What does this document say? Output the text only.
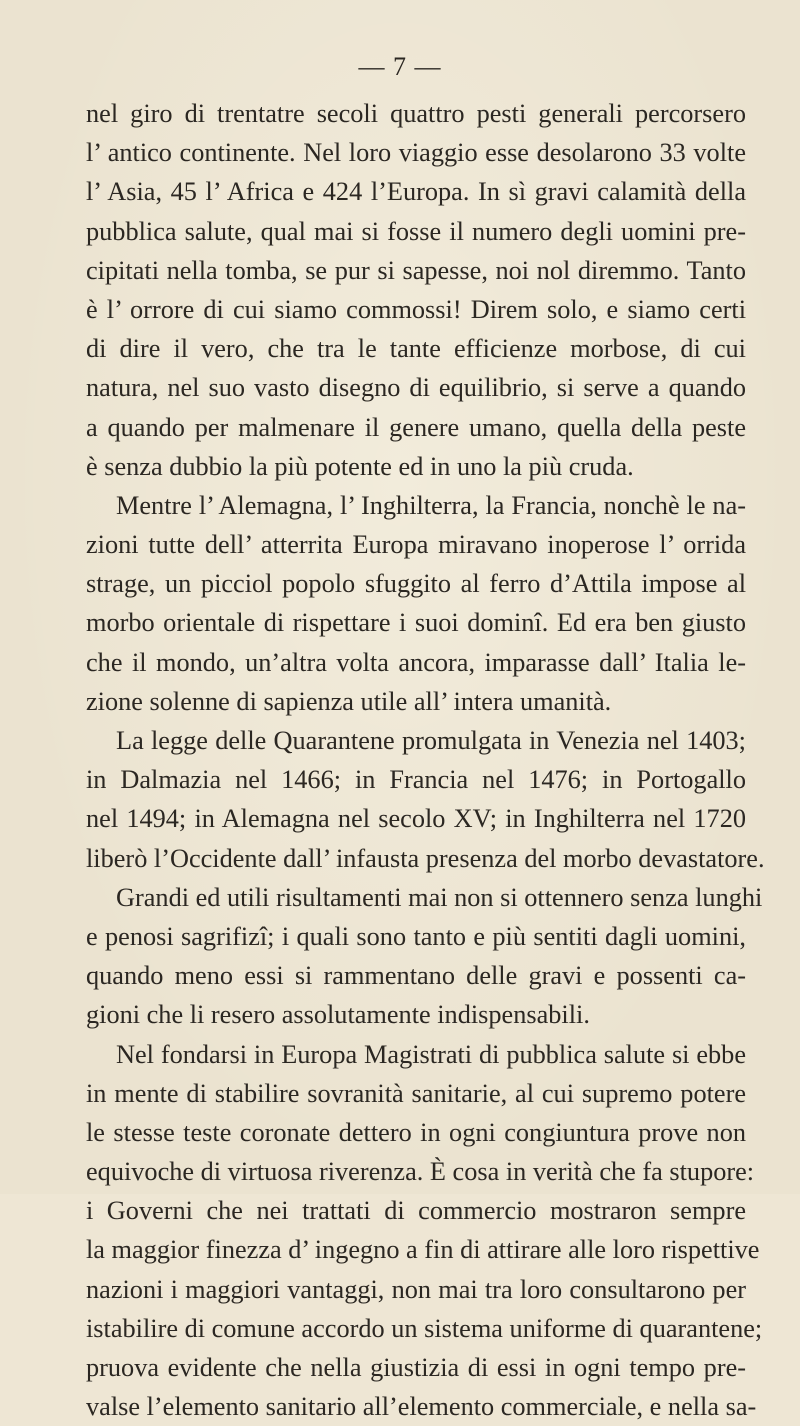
— 7 —
nel giro di trentatre secoli quattro pesti generali percorsero
l’ antico continente. Nel loro viaggio esse desolarono 33 volte
l’ Asia, 45 l’ Africa e 424 l’Europa. In sì gravi calamità della
pubblica salute, qual mai si fosse il numero degli uomini pre-
cipitati nella tomba, se pur si sapesse, noi nol diremmo. Tanto
è l’ orrore di cui siamo commossi! Direm solo, e siamo certi
di dire il vero, che tra le tante efficienze morbose, di cui
natura, nel suo vasto disegno di equilibrio, si serve a quando
a quando per malmenare il genere umano, quella della peste
è senza dubbio la più potente ed in uno la più cruda.
Mentre l’ Alemagna, l’ Inghilterra, la Francia, nonchè le na-
zioni tutte dell’ atterrita Europa miravano inoperose l’ orrida
strage, un picciol popolo sfuggito al ferro d’Attila impose al
morbo orientale di rispettare i suoi dominî. Ed era ben giusto
che il mondo, un’altra volta ancora, imparasse dall’ Italia le-
zione solenne di sapienza utile all’ intera umanità.
La legge delle Quarantene promulgata in Venezia nel 1403;
in Dalmazia nel 1466; in Francia nel 1476; in Portogallo
nel 1494; in Alemagna nel secolo XV; in Inghilterra nel 1720
liberò l’Occidente dall’ infausta presenza del morbo devastatore.
Grandi ed utili risultamenti mai non si ottennero senza lunghi
e penosi sagrifizî; i quali sono tanto e più sentiti dagli uomini,
quando meno essi si rammentano delle gravi e possenti ca-
gioni che li resero assolutamente indispensabili.
Nel fondarsi in Europa Magistrati di pubblica salute si ebbe
in mente di stabilire sovranità sanitarie, al cui supremo potere
le stesse teste coronate dettero in ogni congiuntura prove non
equivoche di virtuosa riverenza. È cosa in verità che fa stupore:
i Governi che nei trattati di commercio mostraron sempre
la maggior finezza d’ ingegno a fin di attirare alle loro rispettive
nazioni i maggiori vantaggi, non mai tra loro consultarono per
istabilire di comune accordo un sistema uniforme di quarantene;
pruova evidente che nella giustizia di essi in ogni tempo pre-
valse l’elemento sanitario all’elemento commerciale, e nella sa-
